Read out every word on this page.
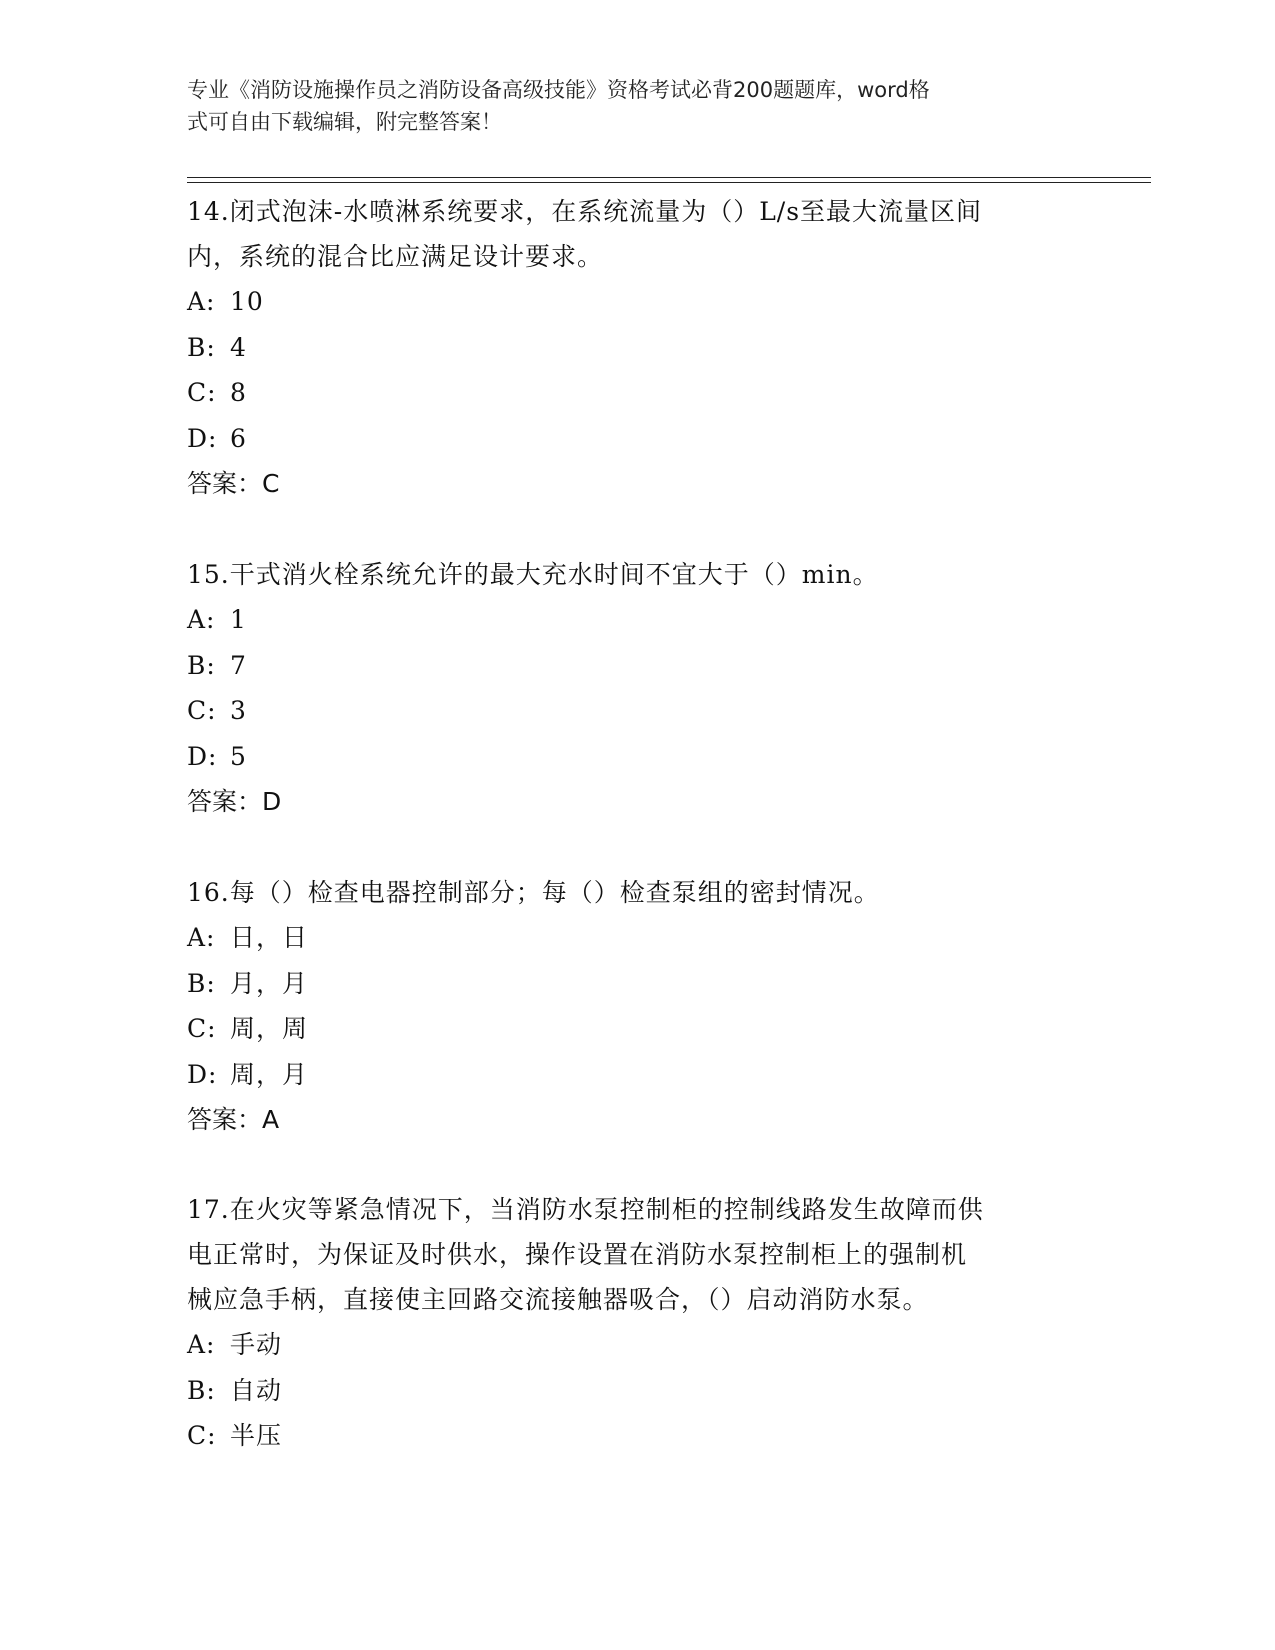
专业《消防设施操作员之消防设备高级技能》资格考试必背200题题库，word格
式可自由下载编辑，附完整答案！

14.闭式泡沫-水喷淋系统要求，在系统流量为（）L/s至最大流量区间

内，系统的混合比应满足设计要求。

A: 10

B: 4

C: 8

D: 6

答案：C

15.干式消火栓系统允许的最大充水时间不宜大于（）min。

A: 1

B: 7

C: 3

D: 5

答案：D

16.每（）检查电器控制部分；每（）检查泵组的密封情况。

A: 日，日

B: 月，月

C: 周，周

D: 周，月

答案：A

17.在火灾等紧急情况下，当消防水泵控制柜的控制线路发生故障而供

电正常时，为保证及时供水，操作设置在消防水泵控制柜上的强制机

械应急手柄，直接使主回路交流接触器吸合，（）启动消防水泵。

A: 手动

B: 自动

C: 半压
